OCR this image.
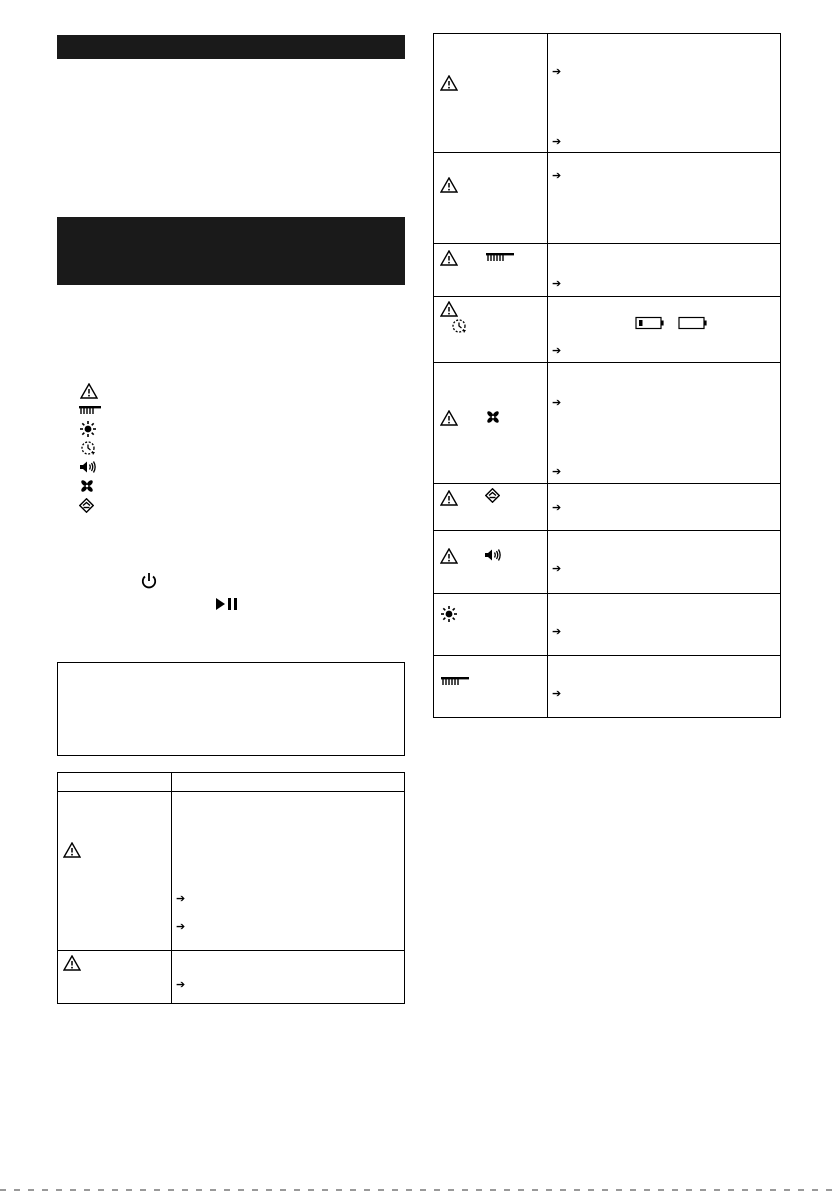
➔
➔
➔
➔
➔
➔
➔
➔
➔
➔
➔
➔
➔
➔
